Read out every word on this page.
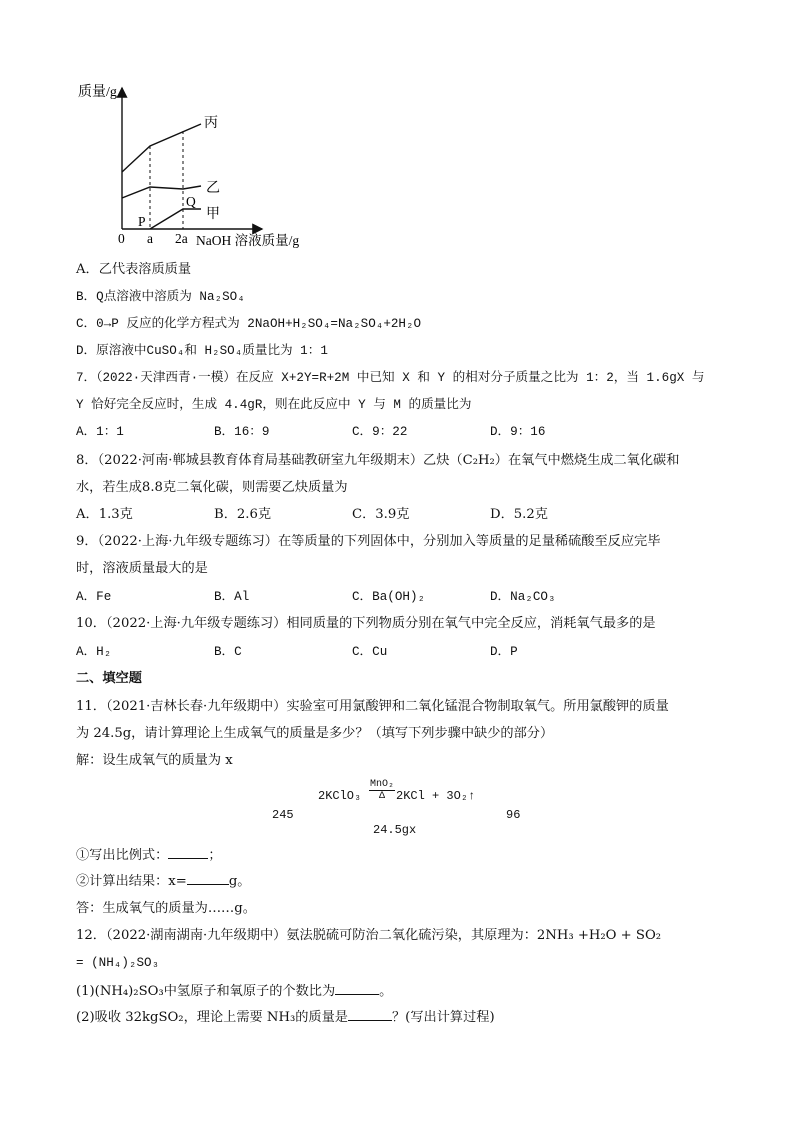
质量/g
NaOH 溶液质量/g
0 a 2a
P
Q
丙
乙
甲
A．乙代表溶质质量
B．Q点溶液中溶质为 Na₂SO₄
C．0→P 反应的化学方程式为 2NaOH+H₂SO₄=Na₂SO₄+2H₂O
D．原溶液中CuSO₄和 H₂SO₄质量比为 1：1
7．（2022·天津西青·一模）在反应 X+2Y=R+2M 中已知 X 和 Y 的相对分子质量之比为 1：2，当 1.6gX 与
Y 恰好完全反应时，生成 4.4gR，则在此反应中 Y 与 M 的质量比为
A．1：1	B．16：9	C．9：22	D．9：16
8．（2022·河南·郸城县教育体育局基础教研室九年级期末）乙炔（C₂H₂）在氧气中燃烧生成二氧化碳和
水，若生成8.8克二氧化碳，则需要乙炔质量为
A．1.3克	B．2.6克	C．3.9克	D．5.2克
9．（2022·上海·九年级专题练习）在等质量的下列固体中，分别加入等质量的足量稀硫酸至反应完毕
时，溶液质量最大的是
A．Fe	B．Al	C．Ba(OH)₂	D．Na₂CO₃
10．（2022·上海·九年级专题练习）相同质量的下列物质分别在氧气中完全反应，消耗氧气最多的是
A．H₂	B．C	C．Cu	D．P
二、填空题
11．（2021·吉林长春·九年级期中）实验室可用氯酸钾和二氧化锰混合物制取氧气。所用氯酸钾的质量
为 24.5g，请计算理论上生成氧气的质量是多少？（填写下列步骤中缺少的部分）
解：设生成氧气的质量为 x
2KClO₃
MnO₂
Δ 2KCl + 3O₂↑
245	96
24.5gx
①写出比例式：	；
②计算出结果：x=	g。
答：生成氧气的质量为……g。
12．（2022·湖南湖南·九年级期中）氨法脱硫可防治二氧化硫污染，其原理为：2NH₃ +H₂O + SO₂
= (NH₄)₂SO₃
(1)(NH₄)₂SO₃中氢原子和氧原子的个数比为	。
(2)吸收 32kgSO₂，理论上需要 NH₃的质量是	？(写出计算过程)
